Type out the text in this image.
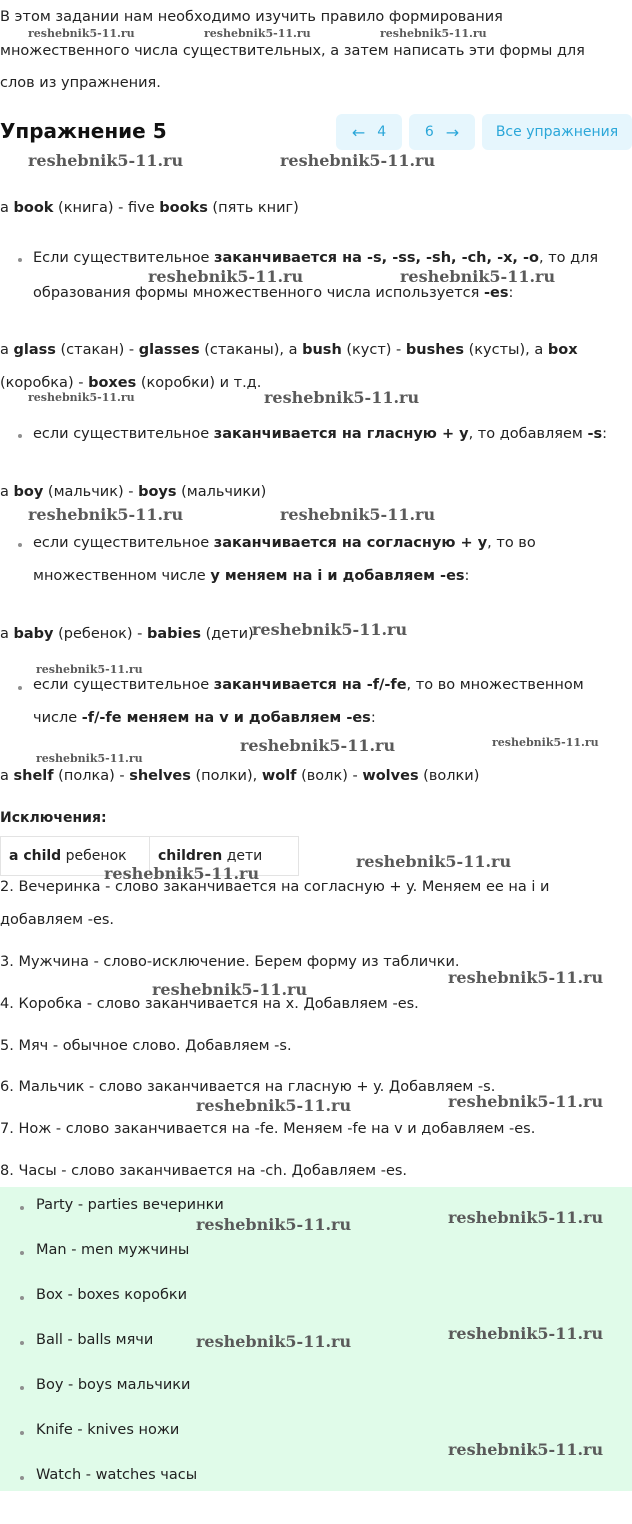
В этом задании нам необходимо изучить правило формирования
множественного числа существительных, а затем написать эти формы для
слов из упражнения.
Упражнение 5	← 4	6 →	Все упражнения
a book (книга) - five books (пять книг)
Если существительное заканчивается на -s, -ss, -sh, -ch, -x, -o, то для
образования формы множественного числа используется -es:
a glass (стакан) - glasses (стаканы), a bush (куст) - bushes (кусты), a box
(коробка) - boxes (коробки) и т.д.
если существительное заканчивается на гласную + y, то добавляем -s:
a boy (мальчик) - boys (мальчики)
если существительное заканчивается на согласную + y, то во
множественном числе y меняем на i и добавляем -es:
a baby (ребенок) - babies (дети)
если существительное заканчивается на -f/-fe, то во множественном
числе -f/-fe меняем на v и добавляем -es:
a shelf (полка) - shelves (полки), wolf (волк) - wolves (волки)
Исключения:
a child ребенок	children дети
2. Вечеринка - слово заканчивается на согласную + y. Меняем ее на i и
добавляем -es.
3. Мужчина - слово-исключение. Берем форму из таблички.
4. Коробка - слово заканчивается на x. Добавляем -es.
5. Мяч - обычное слово. Добавляем -s.
6. Мальчик - слово заканчивается на гласную + y. Добавляем -s.
7. Нож - слово заканчивается на -fe. Меняем -fe на v и добавляем -es.
8. Часы - слово заканчивается на -ch. Добавляем -es.
Party - parties вечеринки
Man - men мужчины
Box - boxes коробки
Ball - balls мячи
Boy - boys мальчики
Knife - knives ножи
Watch - watches часы
reshebnik5-11.ru	reshebnik5-11.ru	reshebnik5-11.ru
reshebnik5-11.ru	reshebnik5-11.ru
reshebnik5-11.ru	reshebnik5-11.ru
reshebnik5-11.ru	reshebnik5-11.ru
reshebnik5-11.ru	reshebnik5-11.ru
reshebnik5-11.ru
reshebnik5-11.ru
reshebnik5-11.ru	reshebnik5-11.ru
reshebnik5-11.ru
reshebnik5-11.ru
reshebnik5-11.ru
reshebnik5-11.ru
reshebnik5-11.ru
reshebnik5-11.ru	reshebnik5-11.ru
reshebnik5-11.ru
reshebnik5-11.ru
reshebnik5-11.ru
reshebnik5-11.ru
reshebnik5-11.ru
